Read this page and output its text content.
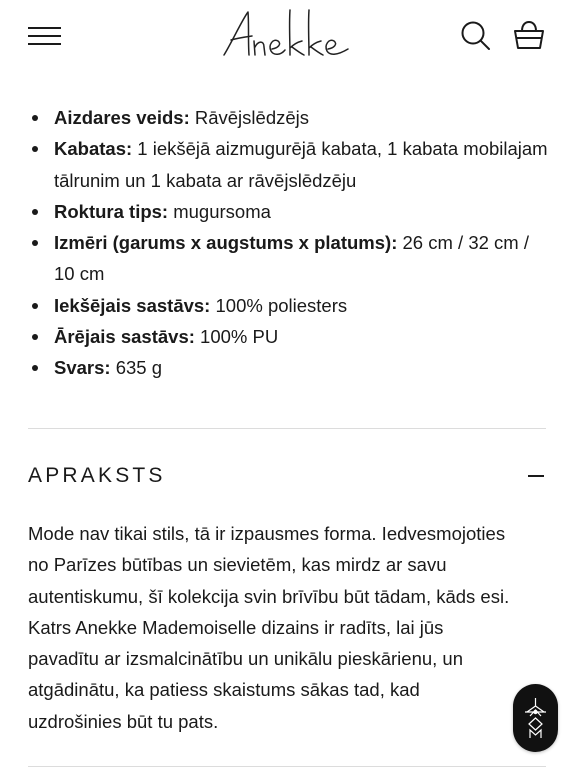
Aizdares veids: Rāvējslēdzējs
Kabatas: 1 iekšējā aizmugurējā kabata, 1 kabata mobilajam tālrunim un 1 kabata ar rāvējslēdzēju
Roktura tips: mugursoma
Izmēri (garums x augstums x platums): 26 cm / 32 cm / 10 cm
Iekšējais sastāvs: 100% poliesters
Ārējais sastāvs: 100% PU
Svars: 635 g
APRAKSTS

Mode nav tikai stils, tā ir izpausmes forma. Iedvesmojoties no Parīzes būtības un sievietēm, kas mirdz ar savu autentiskumu, šī kolekcija svin brīvību būt tādam, kāds esi. Katrs Anekke Mademoiselle dizains ir radīts, lai jūs pavadītu ar izsmalcinātību un unikālu pieskārienu, un atgādinātu, ka patiess skaistums sākas tad, kad uzdrošinies būt tu pats.
